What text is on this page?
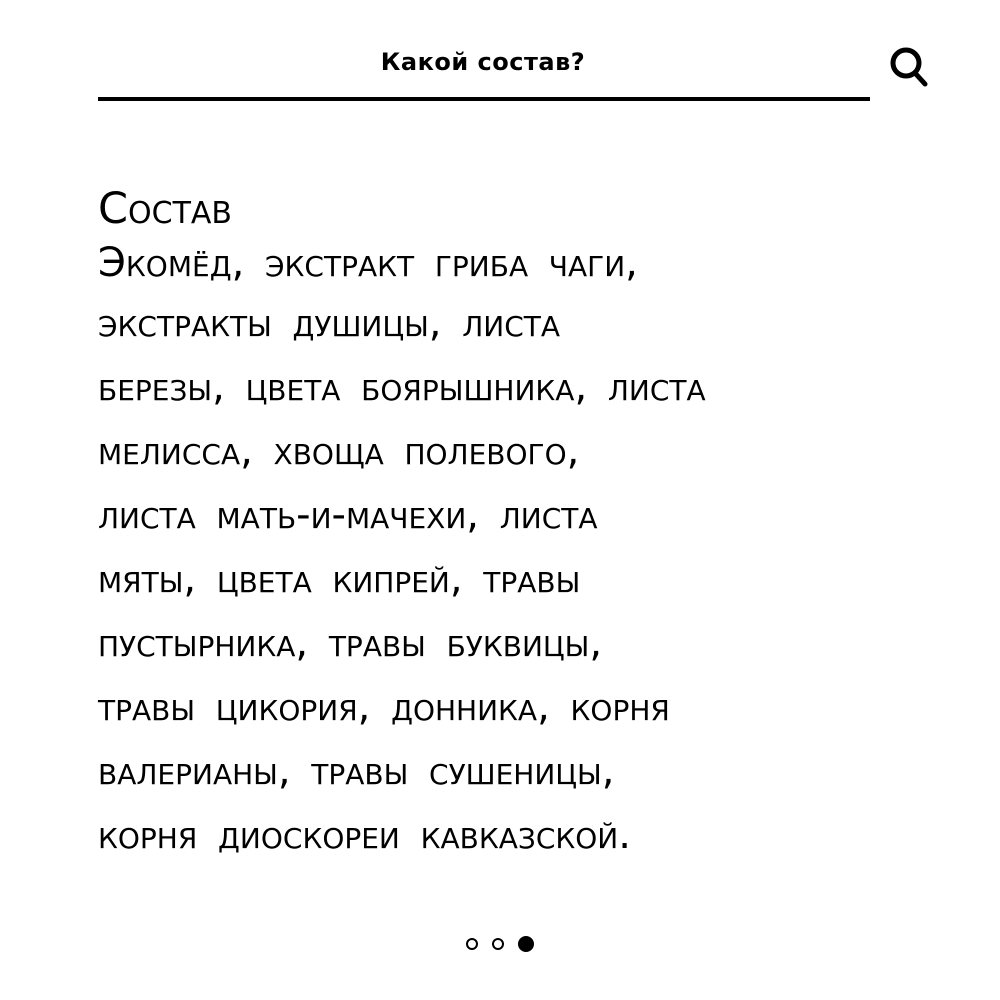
Какой состав?
Состав
Экомёд, экстракт гриба чаги,
экстракты душицы, листа
березы, цвета боярышника, листа
мелисса, хвоща полевого,
листа мать-и-мачехи, листа
мяты, цвета кипрей, травы
пустырника, травы буквицы,
травы цикория, донника, корня
валерианы, травы сушеницы,
корня диоскореи кавказской.
